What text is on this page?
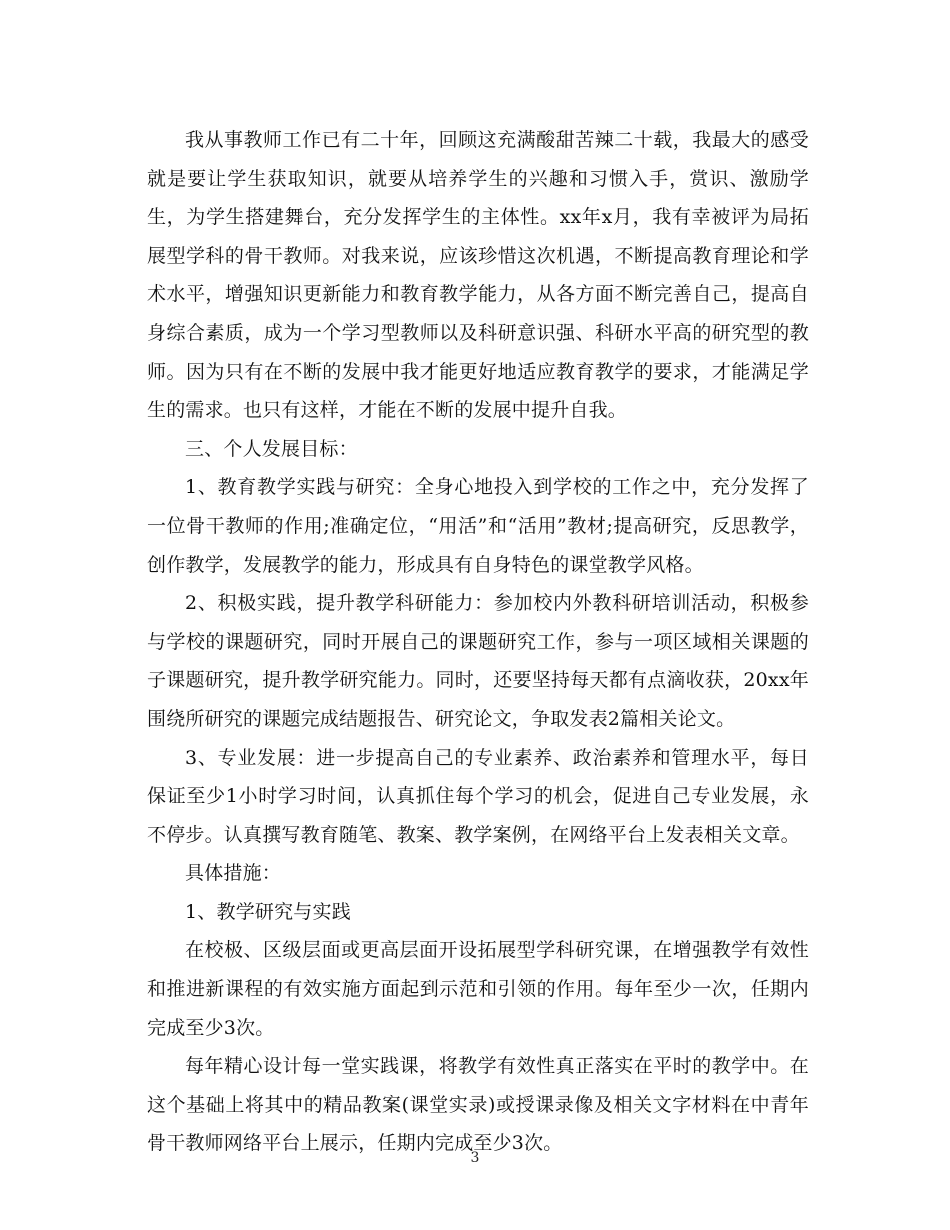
我从事教师工作已有二十年，回顾这充满酸甜苦辣二十载，我最大的感受就是要让学生获取知识，就要从培养学生的兴趣和习惯入手，赏识、激励学生，为学生搭建舞台，充分发挥学生的主体性。xx年x月，我有幸被评为局拓展型学科的骨干教师。对我来说，应该珍惜这次机遇，不断提高教育理论和学术水平，增强知识更新能力和教育教学能力，从各方面不断完善自己，提高自身综合素质，成为一个学习型教师以及科研意识强、科研水平高的研究型的教师。因为只有在不断的发展中我才能更好地适应教育教学的要求，才能满足学生的需求。也只有这样，才能在不断的发展中提升自我。

三、个人发展目标：

1、教育教学实践与研究：全身心地投入到学校的工作之中，充分发挥了一位骨干教师的作用;准确定位，“用活”和“活用”教材;提高研究，反思教学，创作教学，发展教学的能力，形成具有自身特色的课堂教学风格。

2、积极实践，提升教学科研能力：参加校内外教科研培训活动，积极参与学校的课题研究，同时开展自己的课题研究工作，参与一项区域相关课题的子课题研究，提升教学研究能力。同时，还要坚持每天都有点滴收获，20xx年围绕所研究的课题完成结题报告、研究论文，争取发表2篇相关论文。

3、专业发展：进一步提高自己的专业素养、政治素养和管理水平，每日保证至少1小时学习时间，认真抓住每个学习的机会，促进自己专业发展，永不停步。认真撰写教育随笔、教案、教学案例，在网络平台上发表相关文章。

具体措施：

1、教学研究与实践

在校极、区级层面或更高层面开设拓展型学科研究课，在增强教学有效性和推进新课程的有效实施方面起到示范和引领的作用。每年至少一次，任期内完成至少3次。

每年精心设计每一堂实践课，将教学有效性真正落实在平时的教学中。在这个基础上将其中的精品教案(课堂实录)或授课录像及相关文字材料在中青年骨干教师网络平台上展示，任期内完成至少3次。

3
